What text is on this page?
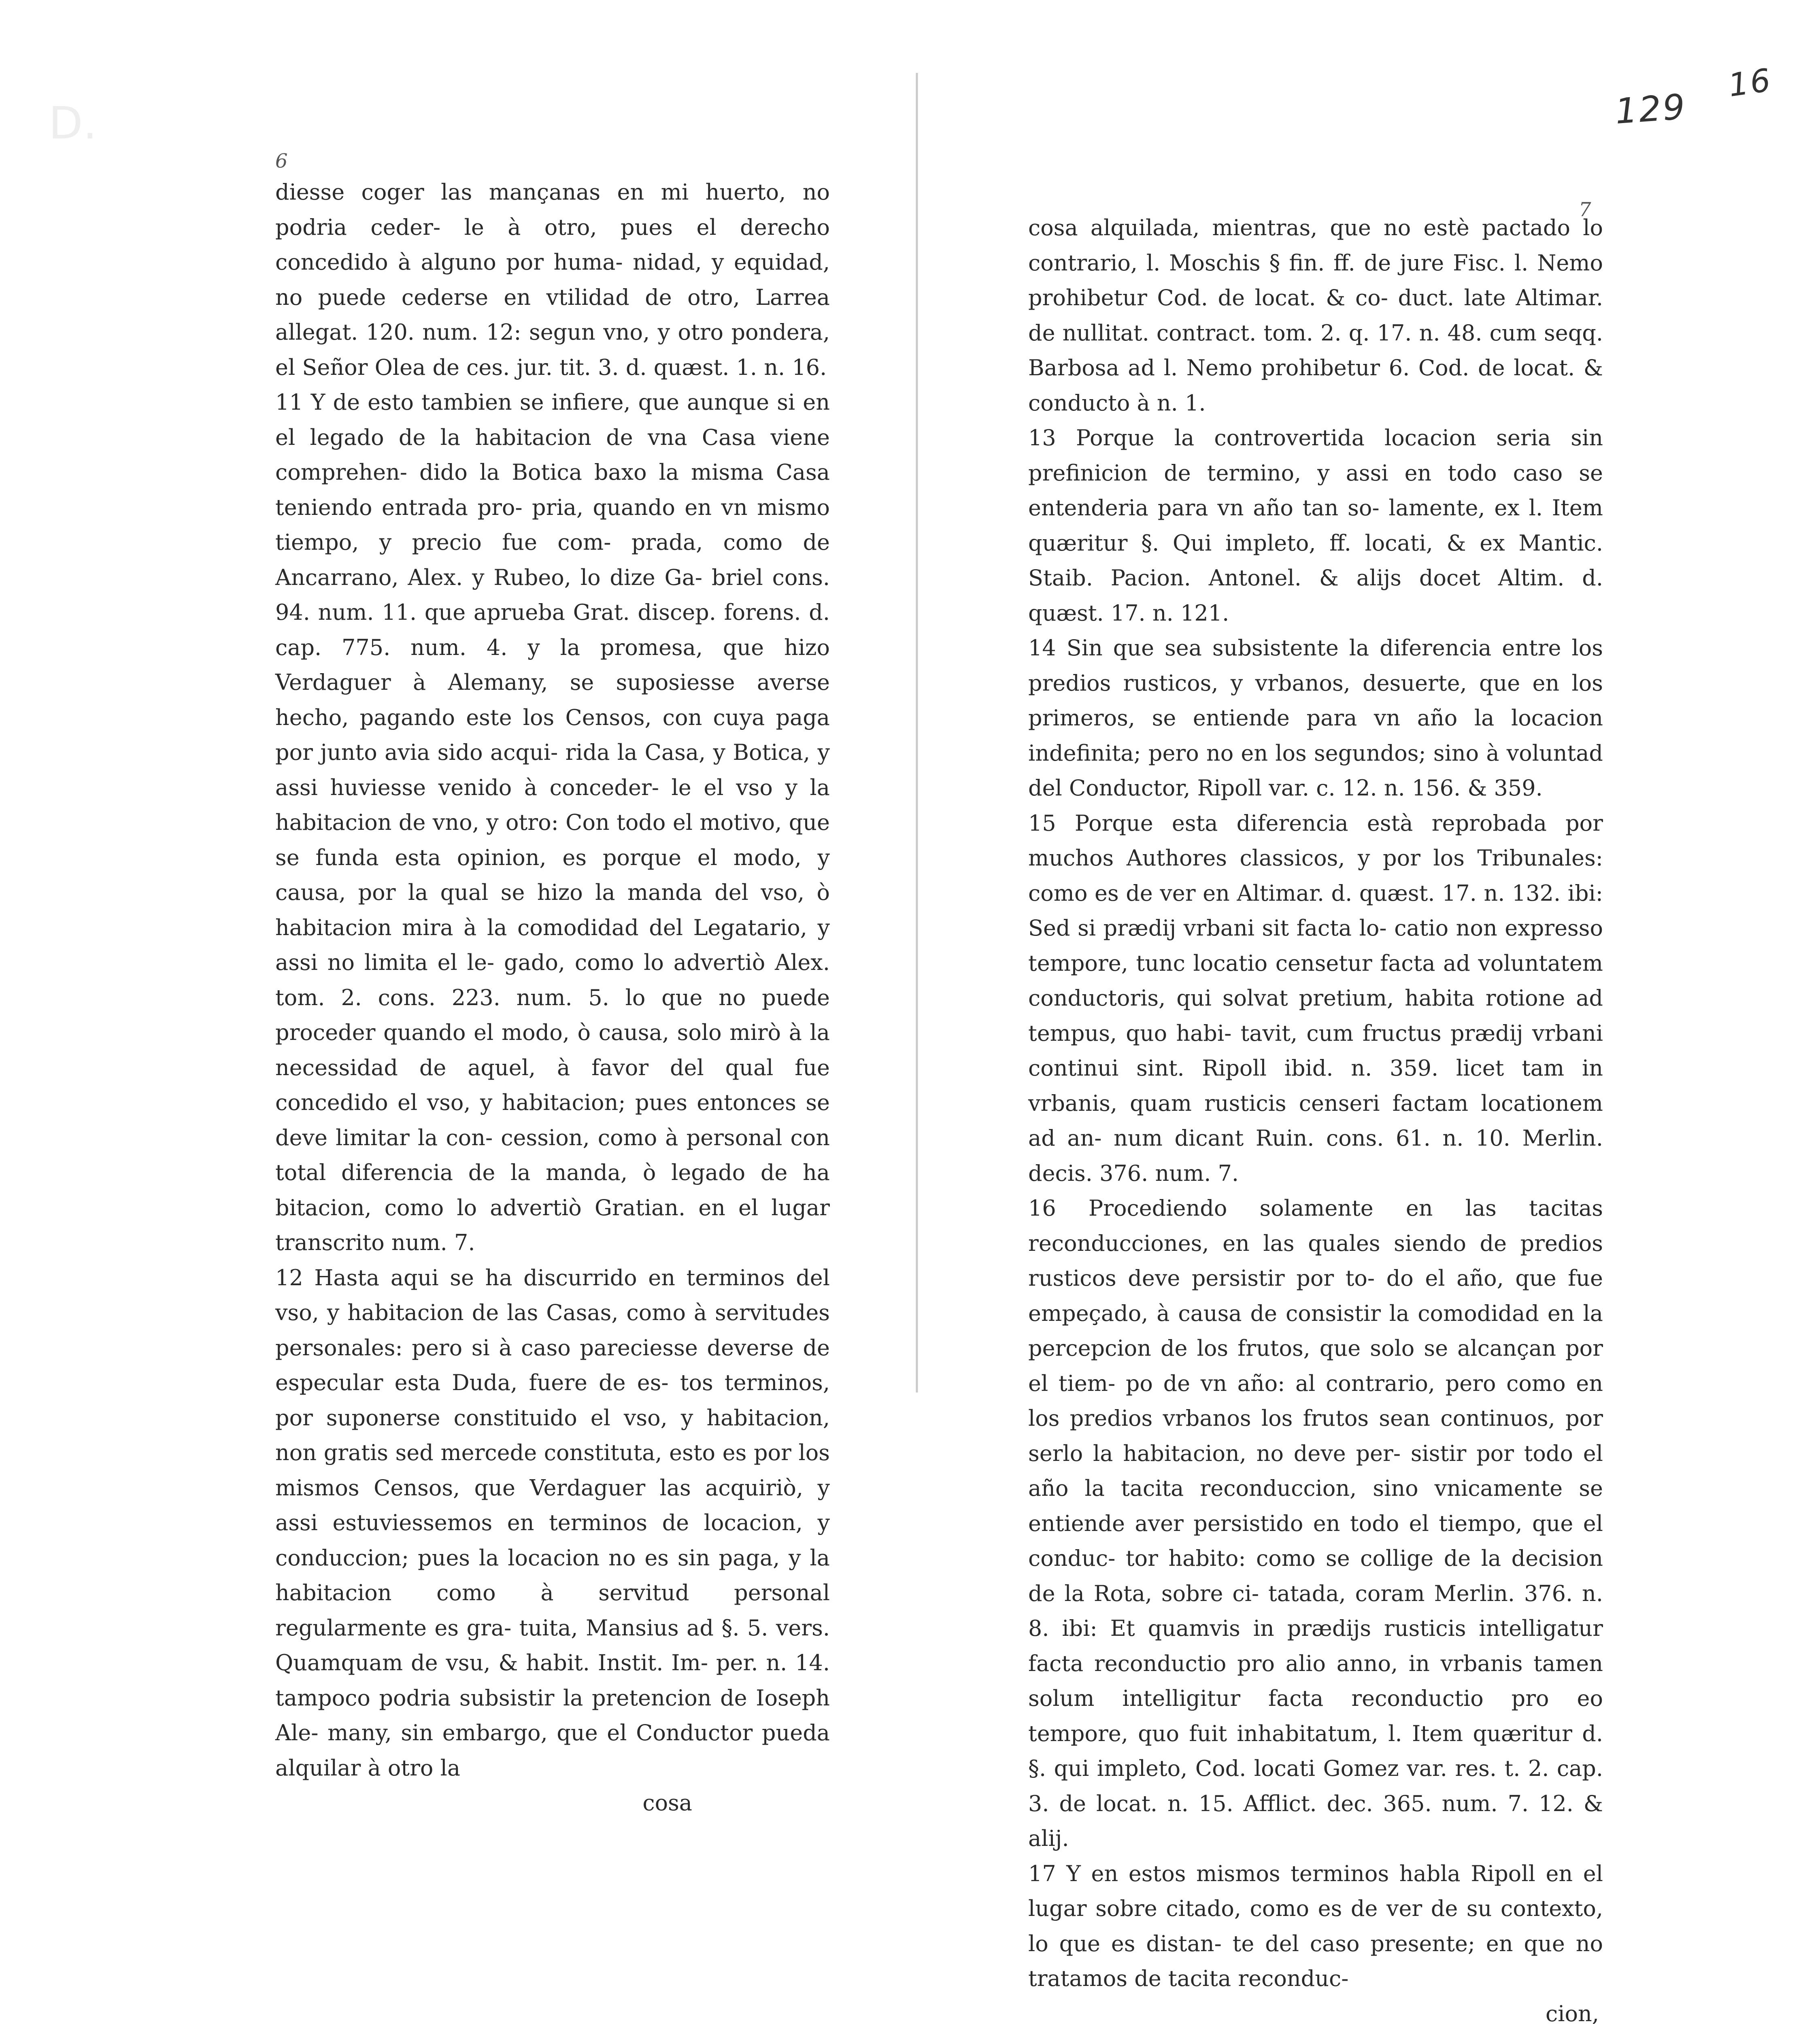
D.	129
16
6
7

diesse coger las mançanas en mi huerto, no podria ceder- le à otro, pues el derecho concedido à alguno por huma- nidad, y equidad, no puede cederse en vtilidad de otro, Larrea allegat. 120. num. 12: segun vno, y otro pondera, el Señor Olea de ces. jur. tit. 3. d. quæst. 1. n. 16.

11 Y de esto tambien se infiere, que aunque si en el legado de la habitacion de vna Casa viene comprehen- dido la Botica baxo la misma Casa teniendo entrada pro- pria, quando en vn mismo tiempo, y precio fue com- prada, como de Ancarrano, Alex. y Rubeo, lo dize Ga- briel cons. 94. num. 11. que aprueba Grat. discep. forens. d. cap. 775. num. 4. y la promesa, que hizo Verdaguer à Alemany, se suposiesse averse hecho, pagando este los Censos, con cuya paga por junto avia sido acqui- rida la Casa, y Botica, y assi huviesse venido à conceder- le el vso y la habitacion de vno, y otro: Con todo el motivo, que se funda esta opinion, es porque el modo, y causa, por la qual se hizo la manda del vso, ò habitacion mira à la comodidad del Legatario, y assi no limita el le- gado, como lo advertiò Alex. tom. 2. cons. 223. num. 5. lo que no puede proceder quando el modo, ò causa, solo mirò à la necessidad de aquel, à favor del qual fue concedido el vso, y habitacion; pues entonces se deve limitar la con- cession, como à personal con total diferencia de la manda, ò legado de ha bitacion, como lo advertiò Gratian. en el lugar transcrito num. 7.

12 Hasta aqui se ha discurrido en terminos del vso, y habitacion de las Casas, como à servitudes personales: pero si à caso pareciesse deverse de especular esta Duda, fuere de es- tos terminos, por suponerse constituido el vso, y habitacion, non gratis sed mercede constituta, esto es por los mismos Censos, que Verdaguer las acquiriò, y assi estuviessemos en terminos de locacion, y conduccion; pues la locacion no es sin paga, y la habitacion como à servitud personal regularmente es gra- tuita, Mansius ad §. 5. vers. Quamquam de vsu, & habit. Instit. Im- per. n. 14. tampoco podria subsistir la pretencion de Ioseph Ale- many, sin embargo, que el Conductor pueda alquilar à otro la

cosa

cosa alquilada, mientras, que no estè pactado lo contrario, l. Moschis § fin. ff. de jure Fisc. l. Nemo prohibetur Cod. de locat. & co- duct. late Altimar. de nullitat. contract. tom. 2. q. 17. n. 48. cum seqq. Barbosa ad l. Nemo prohibetur 6. Cod. de locat. & conducto à n. 1.

13 Porque la controvertida locacion seria sin prefinicion de termino, y assi en todo caso se entenderia para vn año tan so- lamente, ex l. Item quæritur §. Qui impleto, ff. locati, & ex Mantic. Staib. Pacion. Antonel. & alijs docet Altim. d. quæst. 17. n. 121.

14 Sin que sea subsistente la diferencia entre los predios rusticos, y vrbanos, desuerte, que en los primeros, se entiende para vn año la locacion indefinita; pero no en los segundos; sino à voluntad del Conductor, Ripoll var. c. 12. n. 156. & 359.

15 Porque esta diferencia està reprobada por muchos Authores classicos, y por los Tribunales: como es de ver en Altimar. d. quæst. 17. n. 132. ibi: Sed si prædij vrbani sit facta lo- catio non expresso tempore, tunc locatio censetur facta ad voluntatem conductoris, qui solvat pretium, habita rotione ad tempus, quo habi- tavit, cum fructus prædij vrbani continui sint. Ripoll ibid. n. 359. licet tam in vrbanis, quam rusticis censeri factam locationem ad an- num dicant Ruin. cons. 61. n. 10. Merlin. decis. 376. num. 7.

16 Procediendo solamente en las tacitas reconducciones, en las quales siendo de predios rusticos deve persistir por to- do el año, que fue empeçado, à causa de consistir la comodidad en la percepcion de los frutos, que solo se alcançan por el tiem- po de vn año: al contrario, pero como en los predios vrbanos los frutos sean continuos, por serlo la habitacion, no deve per- sistir por todo el año la tacita reconduccion, sino vnicamente se entiende aver persistido en todo el tiempo, que el conduc- tor habito: como se collige de la decision de la Rota, sobre ci- tatada, coram Merlin. 376. n. 8. ibi: Et quamvis in prædijs rusticis intelligatur facta reconductio pro alio anno, in vrbanis tamen solum intelligitur facta reconductio pro eo tempore, quo fuit inhabitatum, l. Item quæritur d. §. qui impleto, Cod. locati Gomez var. res. t. 2. cap. 3. de locat. n. 15. Afflict. dec. 365. num. 7. 12. & alij.

17 Y en estos mismos terminos habla Ripoll en el lugar sobre citado, como es de ver de su contexto, lo que es distan- te del caso presente; en que no tratamos de tacita reconduc-

cion,
